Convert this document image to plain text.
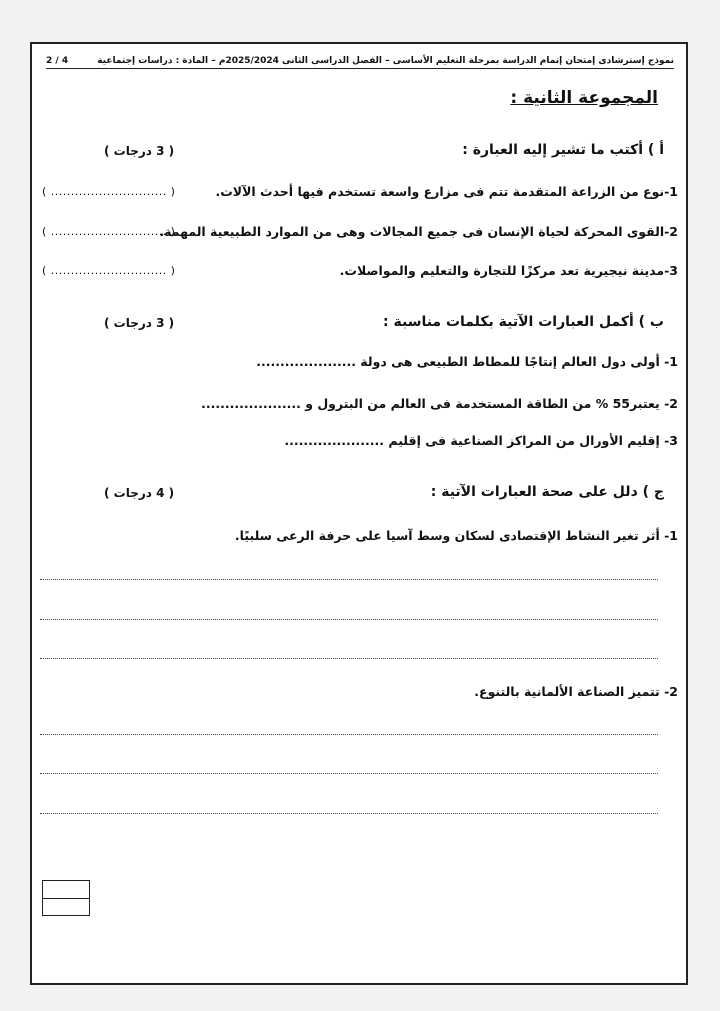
نموذج إسترشادى إمتحان إتمام الدراسة بمرحلة التعليم الأساسى – الفصل الدراسى الثانى 2025/2024م – المادة : دراسات إجتماعية
2 / 4
المجموعة الثانية :
أ ) أكتب ما تشير إليه العبارة :
( 3 درجات )
1-نوع من الزراعة المتقدمة تتم فى مزارع واسعة تستخدم فيها أحدث الآلات.
( ............................. )
2-القوى المحركة لحياة الإنسان فى جميع المجالات وهى من الموارد الطبيعية المهمة.
( ............................. )
3-مدينة نيجيرية تعد مركزًا للتجارة والتعليم والمواصلات.
( ............................. )
ب ) أكمل العبارات الآتية بكلمات مناسبة :
( 3 درجات )
1- أولى دول العالم إنتاجًا للمطاط الطبيعى هى دولة .....................
2- يعتبر55 % من الطاقة المستخدمة فى العالم من البترول و .....................
3- إقليم الأورال من المراكز الصناعية فى إقليم .....................
ج ) دلل على صحة العبارات الآتية :
( 4 درجات )
1- أثر تغير النشاط الإقتصادى لسكان وسط آسيا على حرفة الرعى سلبيًا.
2- تتميز الصناعة الألمانية بالتنوع.
